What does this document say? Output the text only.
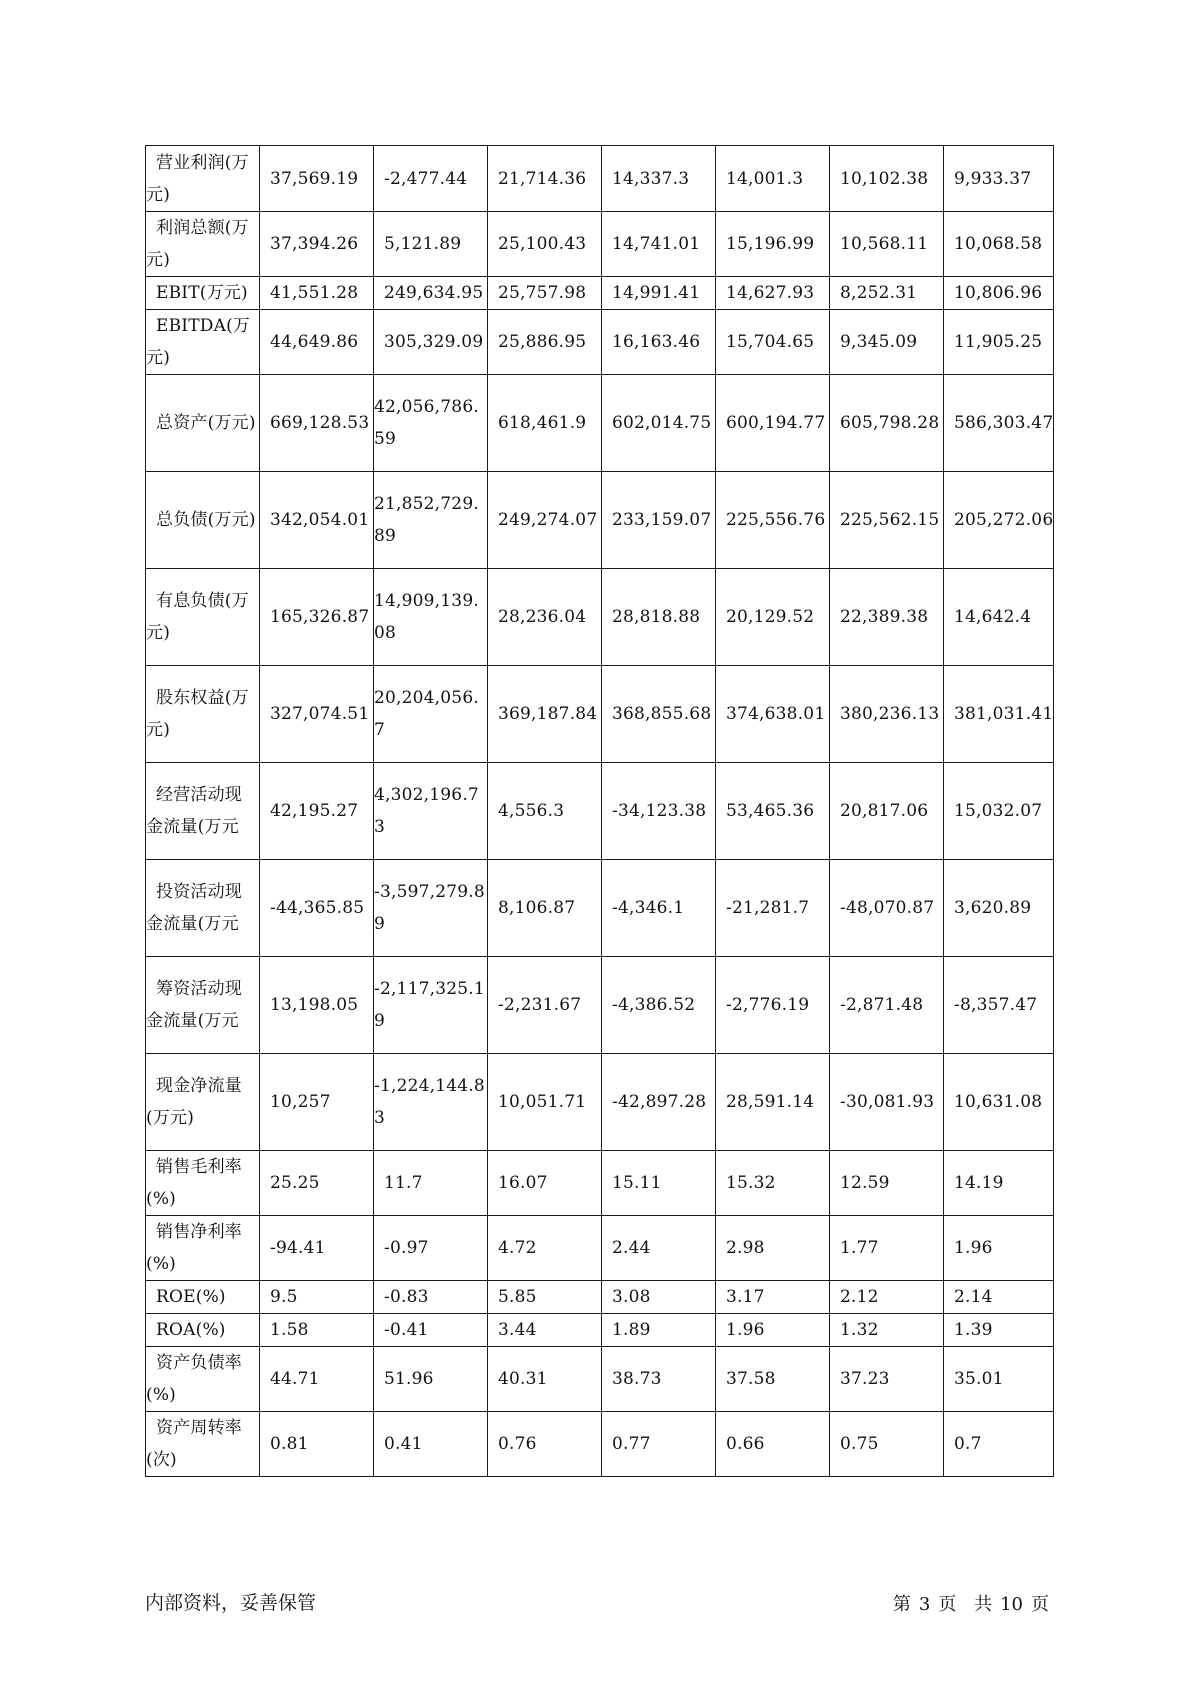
营业利润(万元)	37,569.19	-2,477.44	21,714.36	14,337.3	14,001.3	10,102.38	9,933.37
利润总额(万元)	37,394.26	5,121.89	25,100.43	14,741.01	15,196.99	10,568.11	10,068.58
EBIT(万元)	41,551.28	249,634.95	25,757.98	14,991.41	14,627.93	8,252.31	10,806.96
EBITDA(万元)	44,649.86	305,329.09	25,886.95	16,163.46	15,704.65	9,345.09	11,905.25
总资产(万元)	669,128.53	42,056,786.59	618,461.9	602,014.75	600,194.77	605,798.28	586,303.47
总负债(万元)	342,054.01	21,852,729.89	249,274.07	233,159.07	225,556.76	225,562.15	205,272.06
有息负债(万元)	165,326.87	14,909,139.08	28,236.04	28,818.88	20,129.52	22,389.38	14,642.4
股东权益(万元)	327,074.51	20,204,056.7	369,187.84	368,855.68	374,638.01	380,236.13	381,031.41
经营活动现金流量(万元	42,195.27	4,302,196.73	4,556.3	-34,123.38	53,465.36	20,817.06	15,032.07
投资活动现金流量(万元	-44,365.85	-3,597,279.89	8,106.87	-4,346.1	-21,281.7	-48,070.87	3,620.89
筹资活动现金流量(万元	13,198.05	-2,117,325.19	-2,231.67	-4,386.52	-2,776.19	-2,871.48	-8,357.47
现金净流量(万元)	10,257	-1,224,144.83	10,051.71	-42,897.28	28,591.14	-30,081.93	10,631.08
销售毛利率(%)	25.25	11.7	16.07	15.11	15.32	12.59	14.19
销售净利率(%)	-94.41	-0.97	4.72	2.44	2.98	1.77	1.96
ROE(%)	9.5	-0.83	5.85	3.08	3.17	2.12	2.14
ROA(%)	1.58	-0.41	3.44	1.89	1.96	1.32	1.39
资产负债率(%)	44.71	51.96	40.31	38.73	37.58	37.23	35.01
资产周转率(次)	0.81	0.41	0.76	0.77	0.66	0.75	0.7
内部资料，妥善保管	第 3 页 共 10 页
